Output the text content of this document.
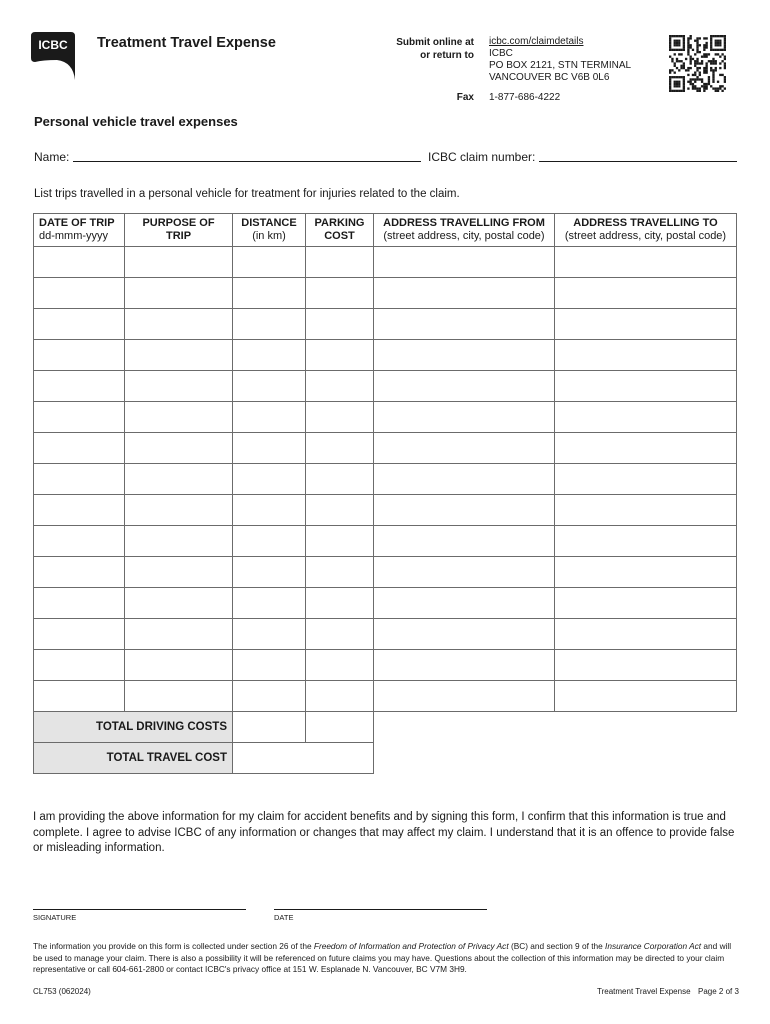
ICBC Treatment Travel Expense	Submit online at
or return to
icbc.com/claimdetails
ICBC
PO BOX 2121, STN TERMINAL
VANCOUVER BC V6B 0L6
Fax 1-877-686-4222
Personal vehicle travel expenses
Name:	ICBC claim number:
List trips travelled in a personal vehicle for treatment for injuries related to the claim.
DATE OF TRIP
dd-mmm-yyyy	PURPOSE OF
TRIP	DISTANCE
(in km)	PARKING
COST	ADDRESS TRAVELLING FROM
(street address, city, postal code)	ADDRESS TRAVELLING TO
(street address, city, postal code)

TOTAL DRIVING COSTS					
TOTAL TRAVEL COST					
I am providing the above information for my claim for accident benefits and by signing this form, I confirm that this information is true and complete. I agree to advise ICBC of any information or changes that may affect my claim. I understand that it is an offence to provide false or misleading information.
SIGNATURE	DATE
The information you provide on this form is collected under section 26 of the Freedom of Information and Protection of Privacy Act (BC) and section 9 of the Insurance Corporation Act and will be used to manage your claim. There is also a possibility it will be referenced on future claims you may have. Questions about the collection of this information may be directed to your claim representative or call 604-661-2800 or contact ICBC's privacy office at 151 W. Esplanade N. Vancouver, BC V7M 3H9.
CL753 (062024)	Treatment Travel Expense Page 2 of 3
